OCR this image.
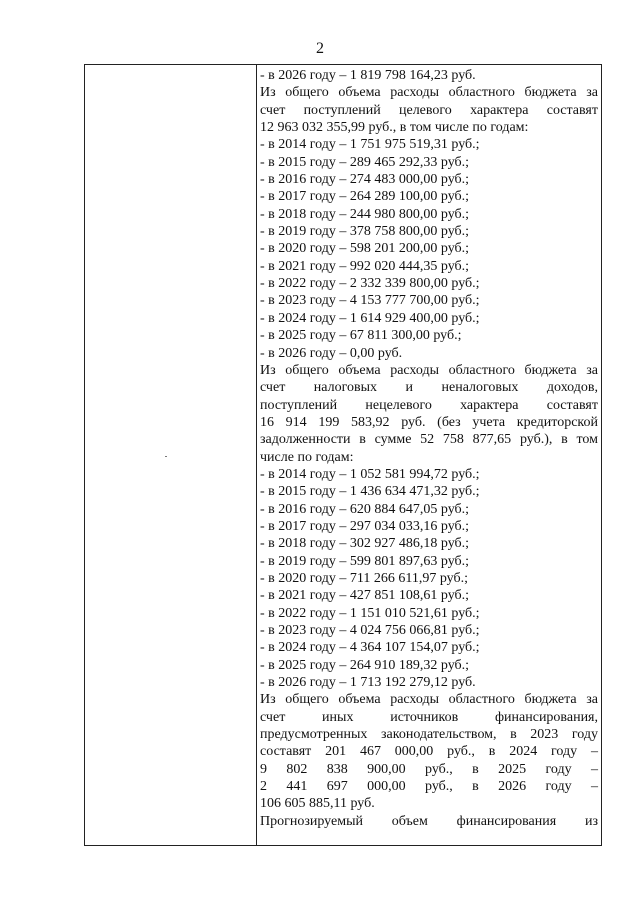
2
- в 2026 году – 1 819 798 164,23 руб.
Из общего объема расходы областного бюджета за
счет поступлений целевого характера составят
12 963 032 355,99 руб., в том числе по годам:
- в 2014 году – 1 751 975 519,31 руб.;
- в 2015 году – 289 465 292,33 руб.;
- в 2016 году – 274 483 000,00 руб.;
- в 2017 году – 264 289 100,00 руб.;
- в 2018 году – 244 980 800,00 руб.;
- в 2019 году – 378 758 800,00 руб.;
- в 2020 году – 598 201 200,00 руб.;
- в 2021 году – 992 020 444,35 руб.;
- в 2022 году – 2 332 339 800,00 руб.;
- в 2023 году – 4 153 777 700,00 руб.;
- в 2024 году – 1 614 929 400,00 руб.;
- в 2025 году – 67 811 300,00 руб.;
- в 2026 году – 0,00 руб.
Из общего объема расходы областного бюджета за
счет налоговых и неналоговых доходов,
поступлений нецелевого характера составят
16 914 199 583,92 руб. (без учета кредиторской
задолженности в сумме 52 758 877,65 руб.), в том
числе по годам:
- в 2014 году – 1 052 581 994,72 руб.;
- в 2015 году – 1 436 634 471,32 руб.;
- в 2016 году – 620 884 647,05 руб.;
- в 2017 году – 297 034 033,16 руб.;
- в 2018 году – 302 927 486,18 руб.;
- в 2019 году – 599 801 897,63 руб.;
- в 2020 году – 711 266 611,97 руб.;
- в 2021 году – 427 851 108,61 руб.;
- в 2022 году – 1 151 010 521,61 руб.;
- в 2023 году – 4 024 756 066,81 руб.;
- в 2024 году – 4 364 107 154,07 руб.;
- в 2025 году – 264 910 189,32 руб.;
- в 2026 году – 1 713 192 279,12 руб.
Из общего объема расходы областного бюджета за
счет иных источников финансирования,
предусмотренных законодательством, в 2023 году
составят 201 467 000,00 руб., в 2024 году –
9 802 838 900,00 руб., в 2025 году –
2 441 697 000,00 руб., в 2026 году –
106 605 885,11 руб.
Прогнозируемый объем финансирования из
